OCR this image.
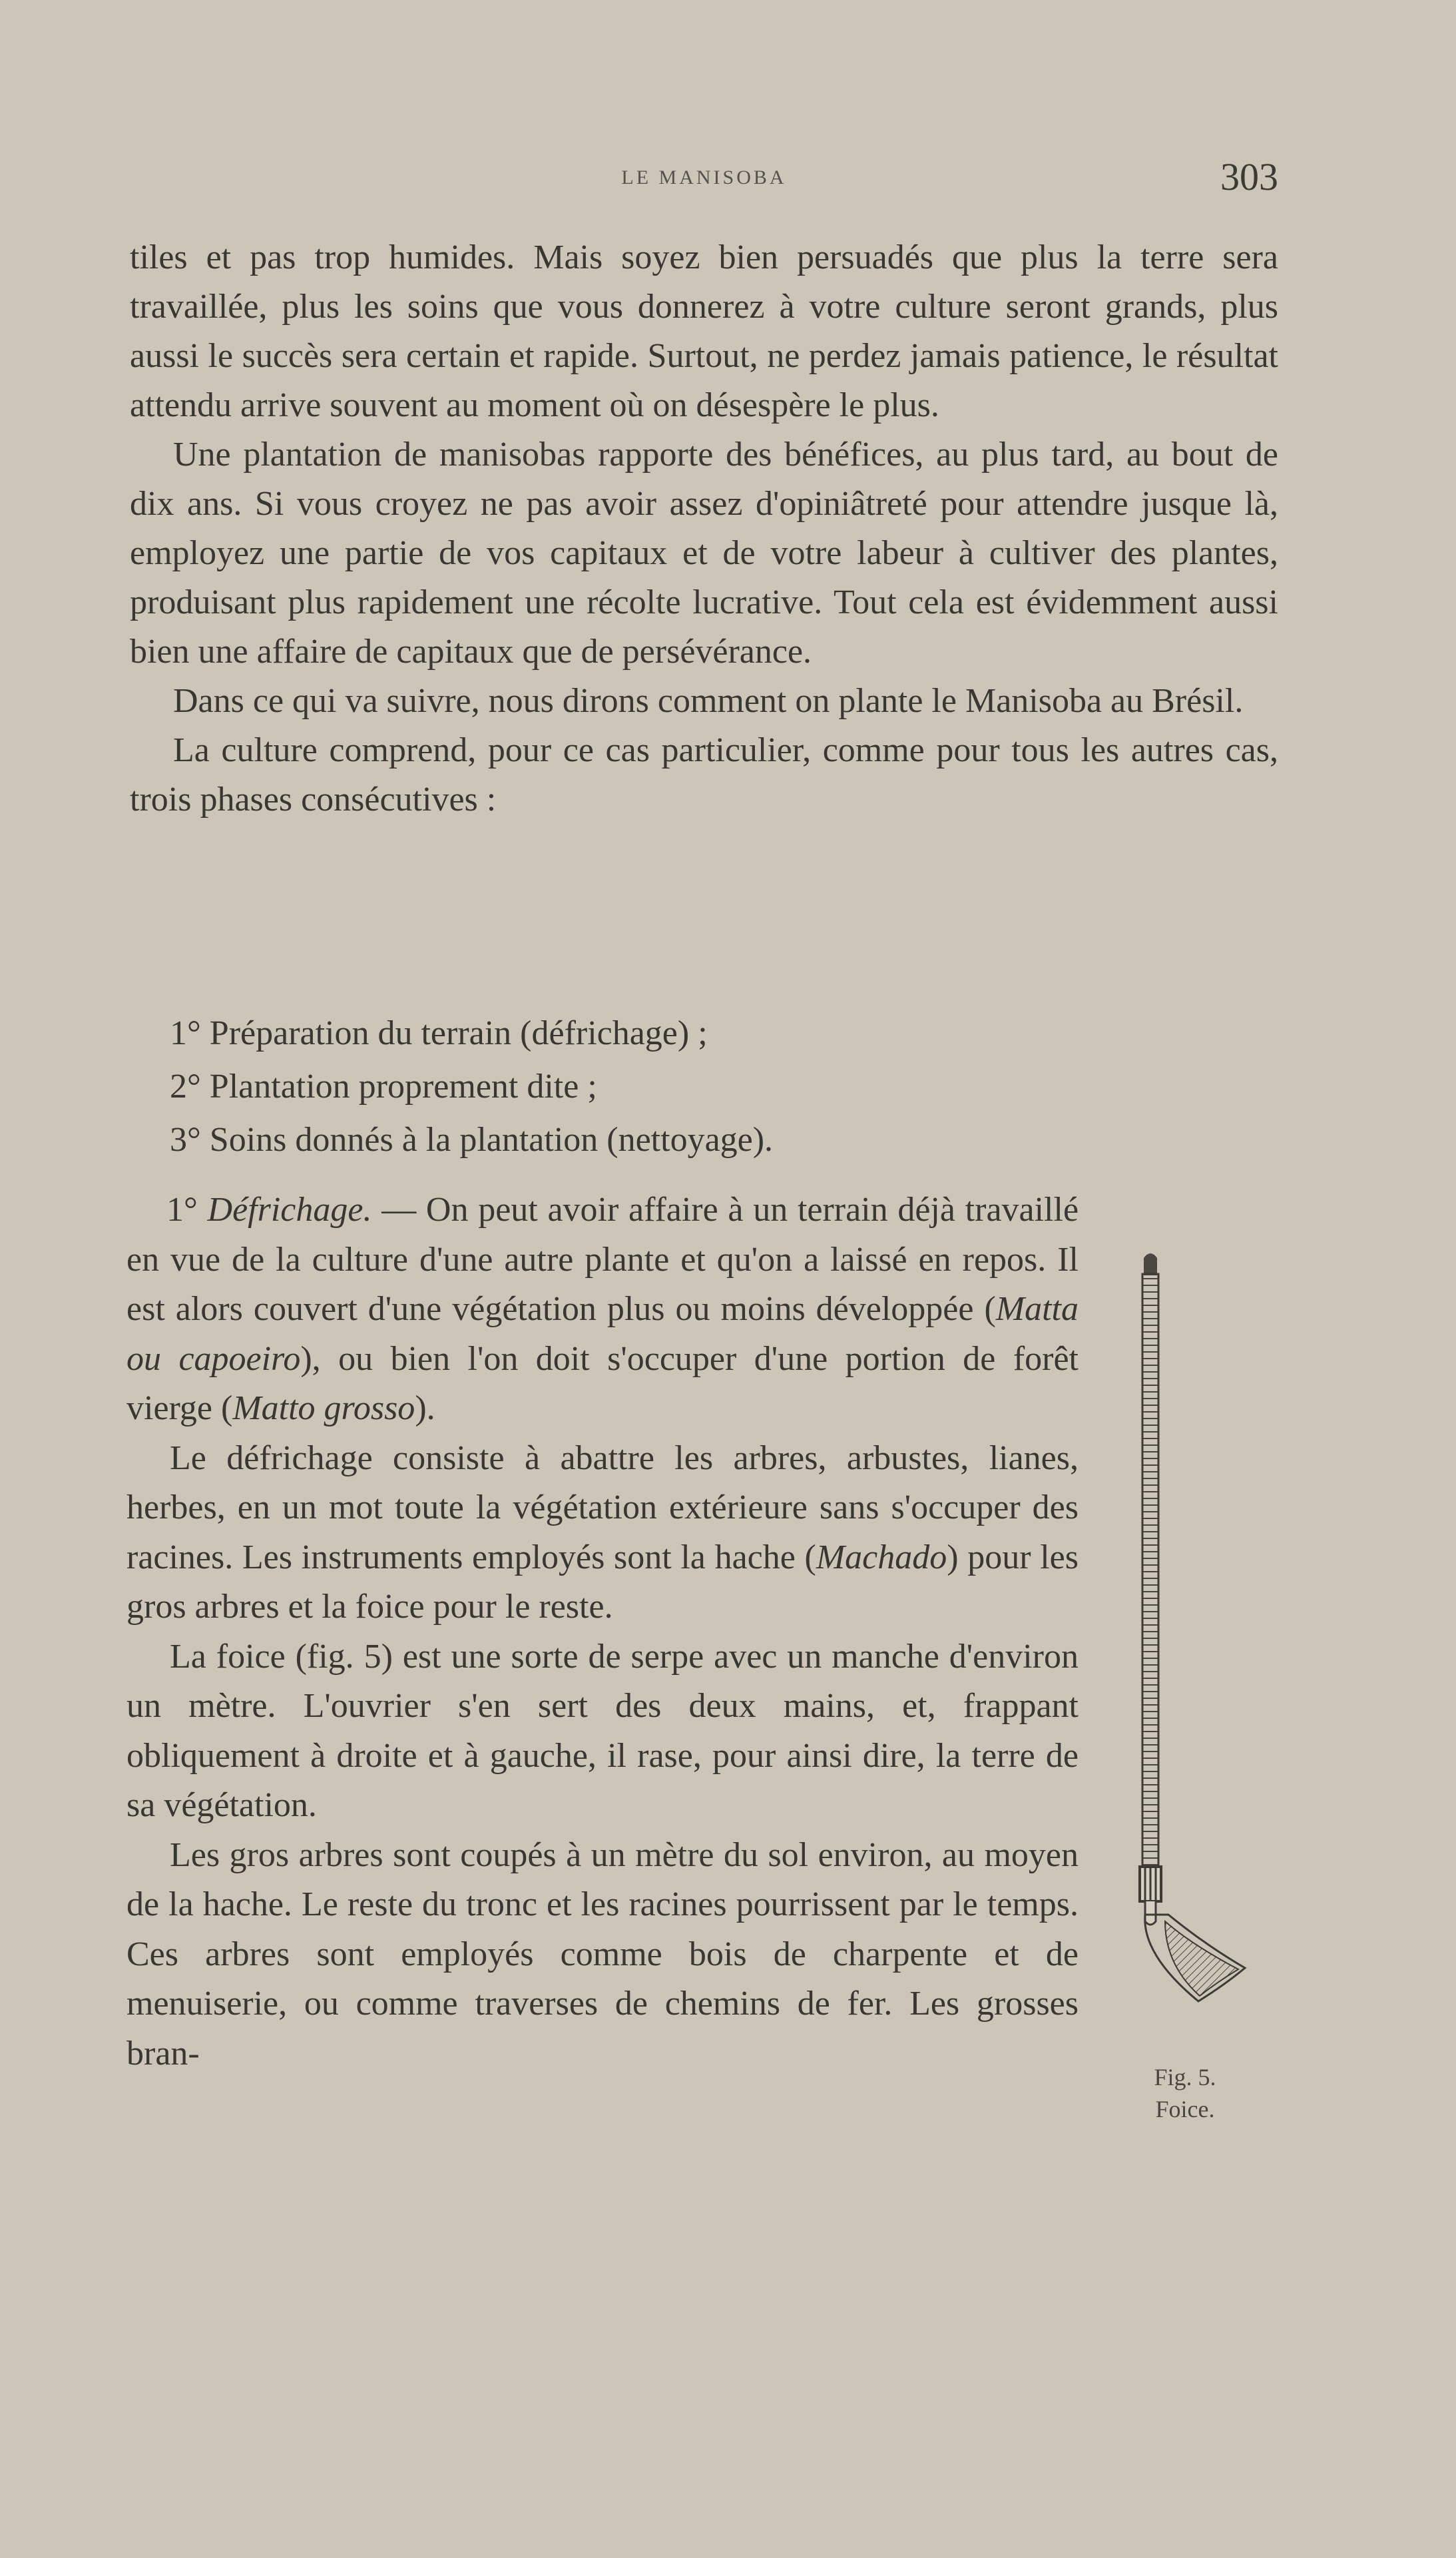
LE MANISOBA	303

tiles et pas trop humides. Mais soyez bien persuadés que plus la terre sera travaillée, plus les soins que vous donnerez à votre culture seront grands, plus aussi le succès sera certain et rapide. Surtout, ne perdez jamais patience, le résultat attendu arrive souvent au moment où on désespère le plus.

Une plantation de manisobas rapporte des bénéfices, au plus tard, au bout de dix ans. Si vous croyez ne pas avoir assez d'opiniâtreté pour attendre jusque là, employez une partie de vos capitaux et de votre labeur à cultiver des plantes, produisant plus rapidement une récolte lucrative. Tout cela est évidemment aussi bien une affaire de capitaux que de persévérance.

Dans ce qui va suivre, nous dirons comment on plante le Manisoba au Brésil.

La culture comprend, pour ce cas particulier, comme pour tous les autres cas, trois phases consécutives :

1° Préparation du terrain (défrichage) ;
2° Plantation proprement dite ;
3° Soins donnés à la plantation (nettoyage).

1° Défrichage. — On peut avoir affaire à un terrain déjà travaillé en vue de la culture d'une autre plante et qu'on a laissé en repos. Il est alors couvert d'une végétation plus ou moins développée (Matta ou capoeiro), ou bien l'on doit s'occuper d'une portion de forêt vierge (Matto grosso).

Le défrichage consiste à abattre les arbres, arbustes, lianes, herbes, en un mot toute la végétation extérieure sans s'occuper des racines. Les instruments employés sont la hache (Machado) pour les gros arbres et la foice pour le reste.

La foice (fig. 5) est une sorte de serpe avec un manche d'environ un mètre. L'ouvrier s'en sert des deux mains, et, frappant obliquement à droite et à gauche, il rase, pour ainsi dire, la terre de sa végétation.

Les gros arbres sont coupés à un mètre du sol environ, au moyen de la hache. Le reste du tronc et les racines pourrissent par le temps. Ces arbres sont employés comme bois de charpente et de menuiserie, ou comme traverses de chemins de fer. Les grosses bran-

Fig. 5.
Foice.
